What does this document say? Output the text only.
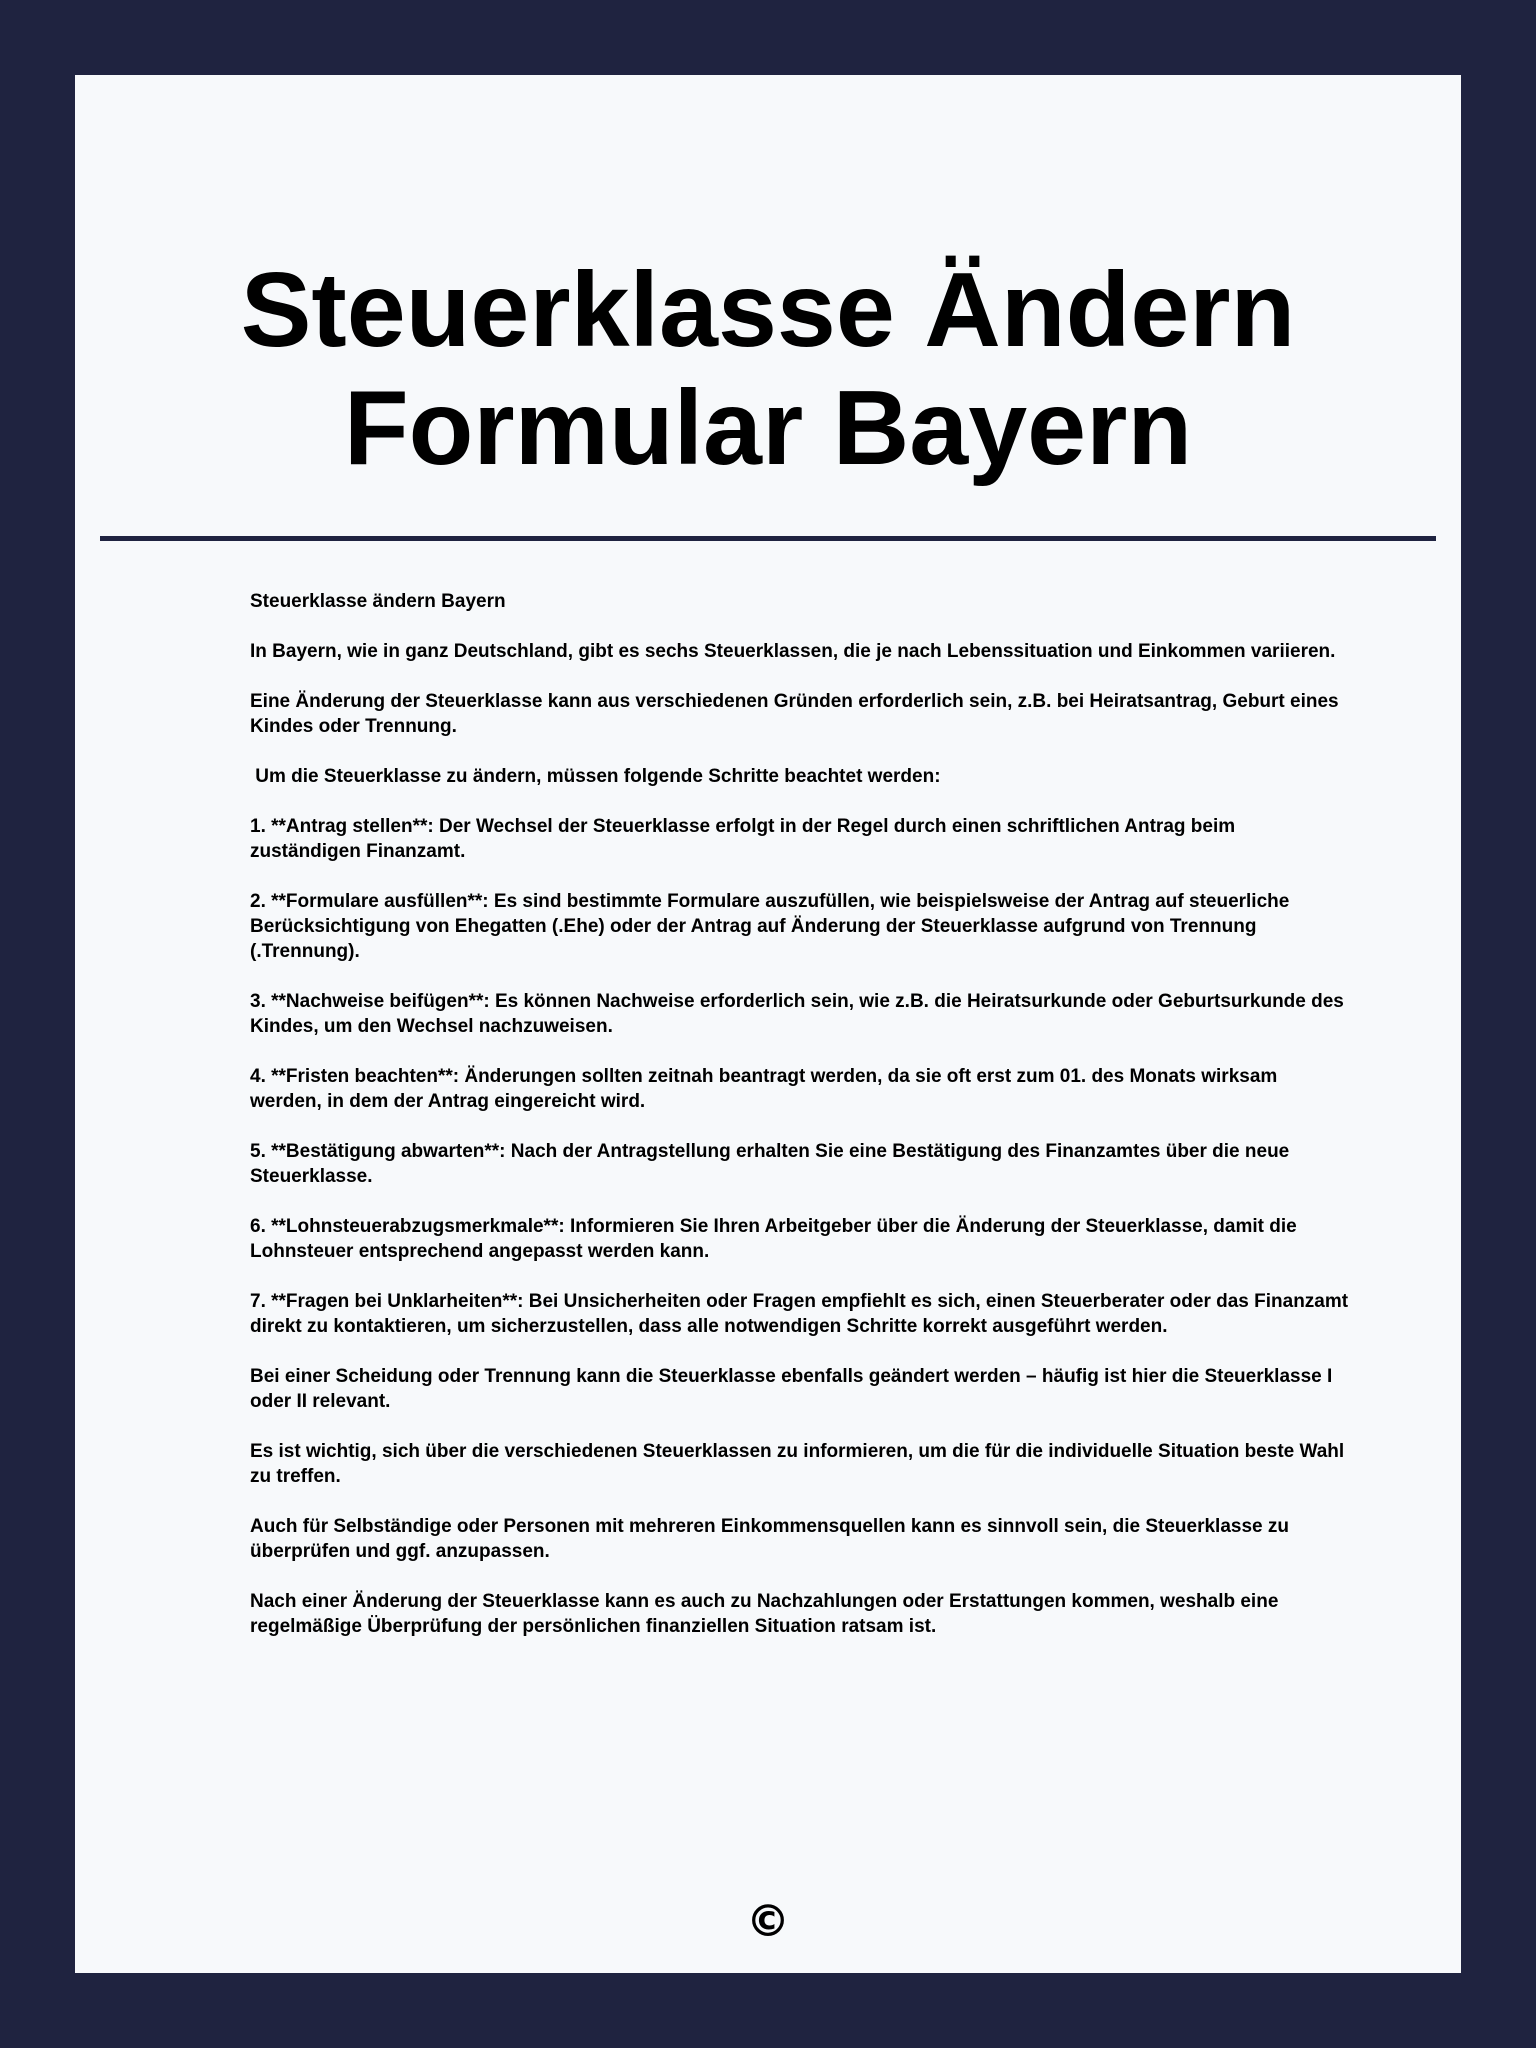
Steuerklasse Ändern
Formular Bayern

Steuerklasse ändern Bayern

In Bayern, wie in ganz Deutschland, gibt es sechs Steuerklassen, die je nach Lebenssituation und Einkommen variieren.

Eine Änderung der Steuerklasse kann aus verschiedenen Gründen erforderlich sein, z.B. bei Heiratsantrag, Geburt eines Kindes oder Trennung.

Um die Steuerklasse zu ändern, müssen folgende Schritte beachtet werden:

1. **Antrag stellen**: Der Wechsel der Steuerklasse erfolgt in der Regel durch einen schriftlichen Antrag beim zuständigen Finanzamt.

2. **Formulare ausfüllen**: Es sind bestimmte Formulare auszufüllen, wie beispielsweise der Antrag auf steuerliche Berücksichtigung von Ehegatten (.Ehe) oder der Antrag auf Änderung der Steuerklasse aufgrund von Trennung (.Trennung).

3. **Nachweise beifügen**: Es können Nachweise erforderlich sein, wie z.B. die Heiratsurkunde oder Geburtsurkunde des Kindes, um den Wechsel nachzuweisen.

4. **Fristen beachten**: Änderungen sollten zeitnah beantragt werden, da sie oft erst zum 01. des Monats wirksam werden, in dem der Antrag eingereicht wird.

5. **Bestätigung abwarten**: Nach der Antragstellung erhalten Sie eine Bestätigung des Finanzamtes über die neue Steuerklasse.

6. **Lohnsteuerabzugsmerkmale**: Informieren Sie Ihren Arbeitgeber über die Änderung der Steuerklasse, damit die Lohnsteuer entsprechend angepasst werden kann.

7. **Fragen bei Unklarheiten**: Bei Unsicherheiten oder Fragen empfiehlt es sich, einen Steuerberater oder das Finanzamt direkt zu kontaktieren, um sicherzustellen, dass alle notwendigen Schritte korrekt ausgeführt werden.

Bei einer Scheidung oder Trennung kann die Steuerklasse ebenfalls geändert werden – häufig ist hier die Steuerklasse I oder II relevant.

Es ist wichtig, sich über die verschiedenen Steuerklassen zu informieren, um die für die individuelle Situation beste Wahl zu treffen.

Auch für Selbständige oder Personen mit mehreren Einkommensquellen kann es sinnvoll sein, die Steuerklasse zu überprüfen und ggf. anzupassen.

Nach einer Änderung der Steuerklasse kann es auch zu Nachzahlungen oder Erstattungen kommen, weshalb eine regelmäßige Überprüfung der persönlichen finanziellen Situation ratsam ist.

©
